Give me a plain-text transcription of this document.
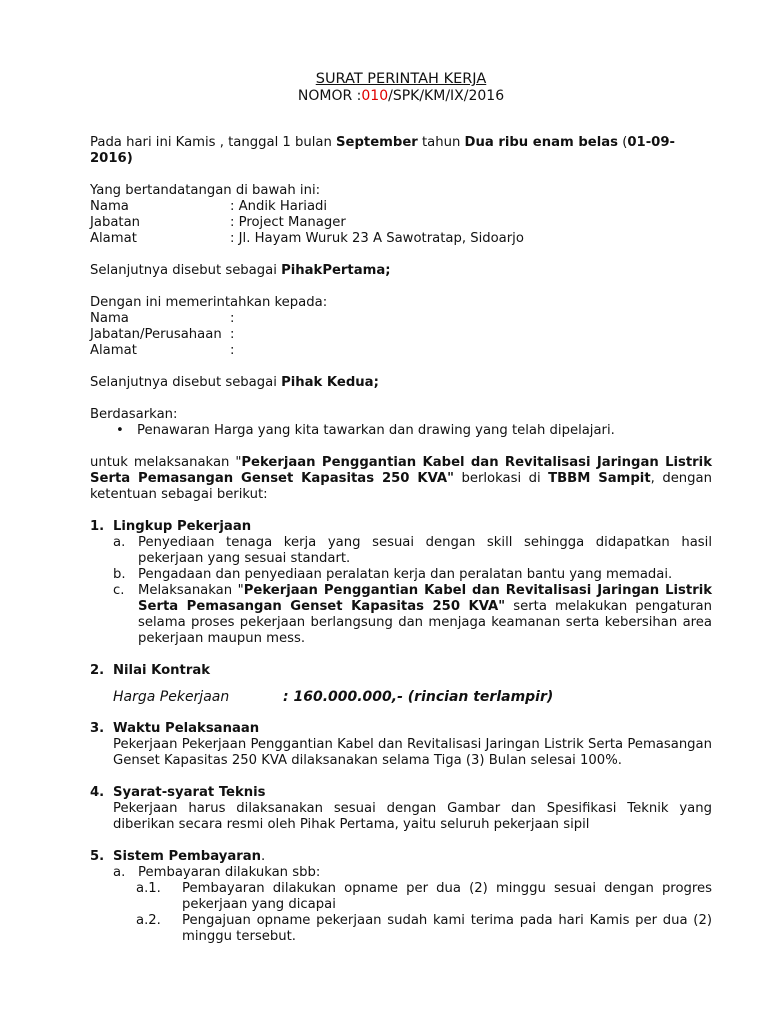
SURAT PERINTAH KERJA

NOMOR :010/SPK/KM/IX/2016

Pada hari ini Kamis , tanggal 1 bulan September tahun Dua ribu enam belas (01-09-2016)

Yang bertandatangan di bawah ini:

Nama	: Andik Hariadi
Jabatan	: Project Manager
Alamat	: Jl. Hayam Wuruk 23 A Sawotratap, Sidoarjo

Selanjutnya disebut sebagai PihakPertama;

Dengan ini memerintahkan kepada:

Nama	:
Jabatan/Perusahaan :
Alamat	:

Selanjutnya disebut sebagai Pihak Kedua;

Berdasarkan:

• Penawaran Harga yang kita tawarkan dan drawing yang telah dipelajari.

untuk melaksanakan "Pekerjaan Penggantian Kabel dan Revitalisasi Jaringan Listrik Serta Pemasangan Genset Kapasitas 250 KVA" berlokasi di TBBM Sampit, dengan ketentuan sebagai berikut:

1. Lingkup Pekerjaan

a. Penyediaan tenaga kerja yang sesuai dengan skill sehingga didapatkan hasil pekerjaan yang sesuai standart.
b. Pengadaan dan penyediaan peralatan kerja dan peralatan bantu yang memadai.
c. Melaksanakan "Pekerjaan Penggantian Kabel dan Revitalisasi Jaringan Listrik Serta Pemasangan Genset Kapasitas 250 KVA" serta melakukan pengaturan selama proses pekerjaan berlangsung dan menjaga keamanan serta kebersihan area pekerjaan maupun mess.

2. Nilai Kontrak

Harga Pekerjaan	: 160.000.000,- (rincian terlampir)

3. Waktu Pelaksanaan

Pekerjaan Pekerjaan Penggantian Kabel dan Revitalisasi Jaringan Listrik Serta Pemasangan Genset Kapasitas 250 KVA dilaksanakan selama Tiga (3) Bulan selesai 100%.

4. Syarat-syarat Teknis

Pekerjaan harus dilaksanakan sesuai dengan Gambar dan Spesifikasi Teknik yang diberikan secara resmi oleh Pihak Pertama, yaitu seluruh pekerjaan sipil

5. Sistem Pembayaran.

a. Pembayaran dilakukan sbb:
a.1. Pembayaran dilakukan opname per dua (2) minggu sesuai dengan progres pekerjaan yang dicapai
a.2. Pengajuan opname pekerjaan sudah kami terima pada hari Kamis per dua (2) minggu tersebut.
